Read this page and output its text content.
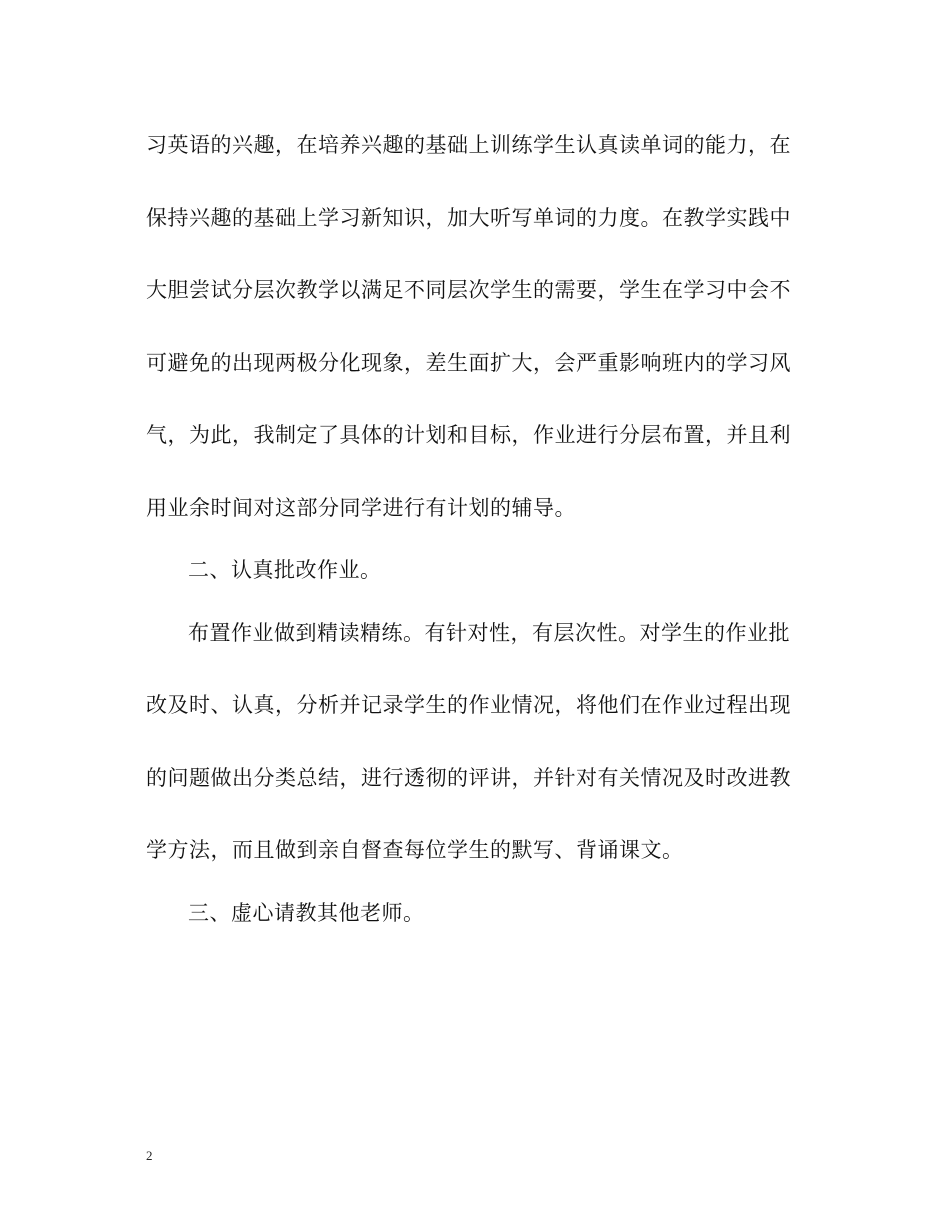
习英语的兴趣，在培养兴趣的基础上训练学生认真读单词的能力，在
保持兴趣的基础上学习新知识，加大听写单词的力度。在教学实践中
大胆尝试分层次教学以满足不同层次学生的需要，学生在学习中会不
可避免的出现两极分化现象，差生面扩大，会严重影响班内的学习风
气，为此，我制定了具体的计划和目标，作业进行分层布置，并且利
用业余时间对这部分同学进行有计划的辅导。
二、认真批改作业。
布置作业做到精读精练。有针对性，有层次性。对学生的作业批
改及时、认真，分析并记录学生的作业情况，将他们在作业过程出现
的问题做出分类总结，进行透彻的评讲，并针对有关情况及时改进教
学方法，而且做到亲自督查每位学生的默写、背诵课文。
三、虚心请教其他老师。
2
